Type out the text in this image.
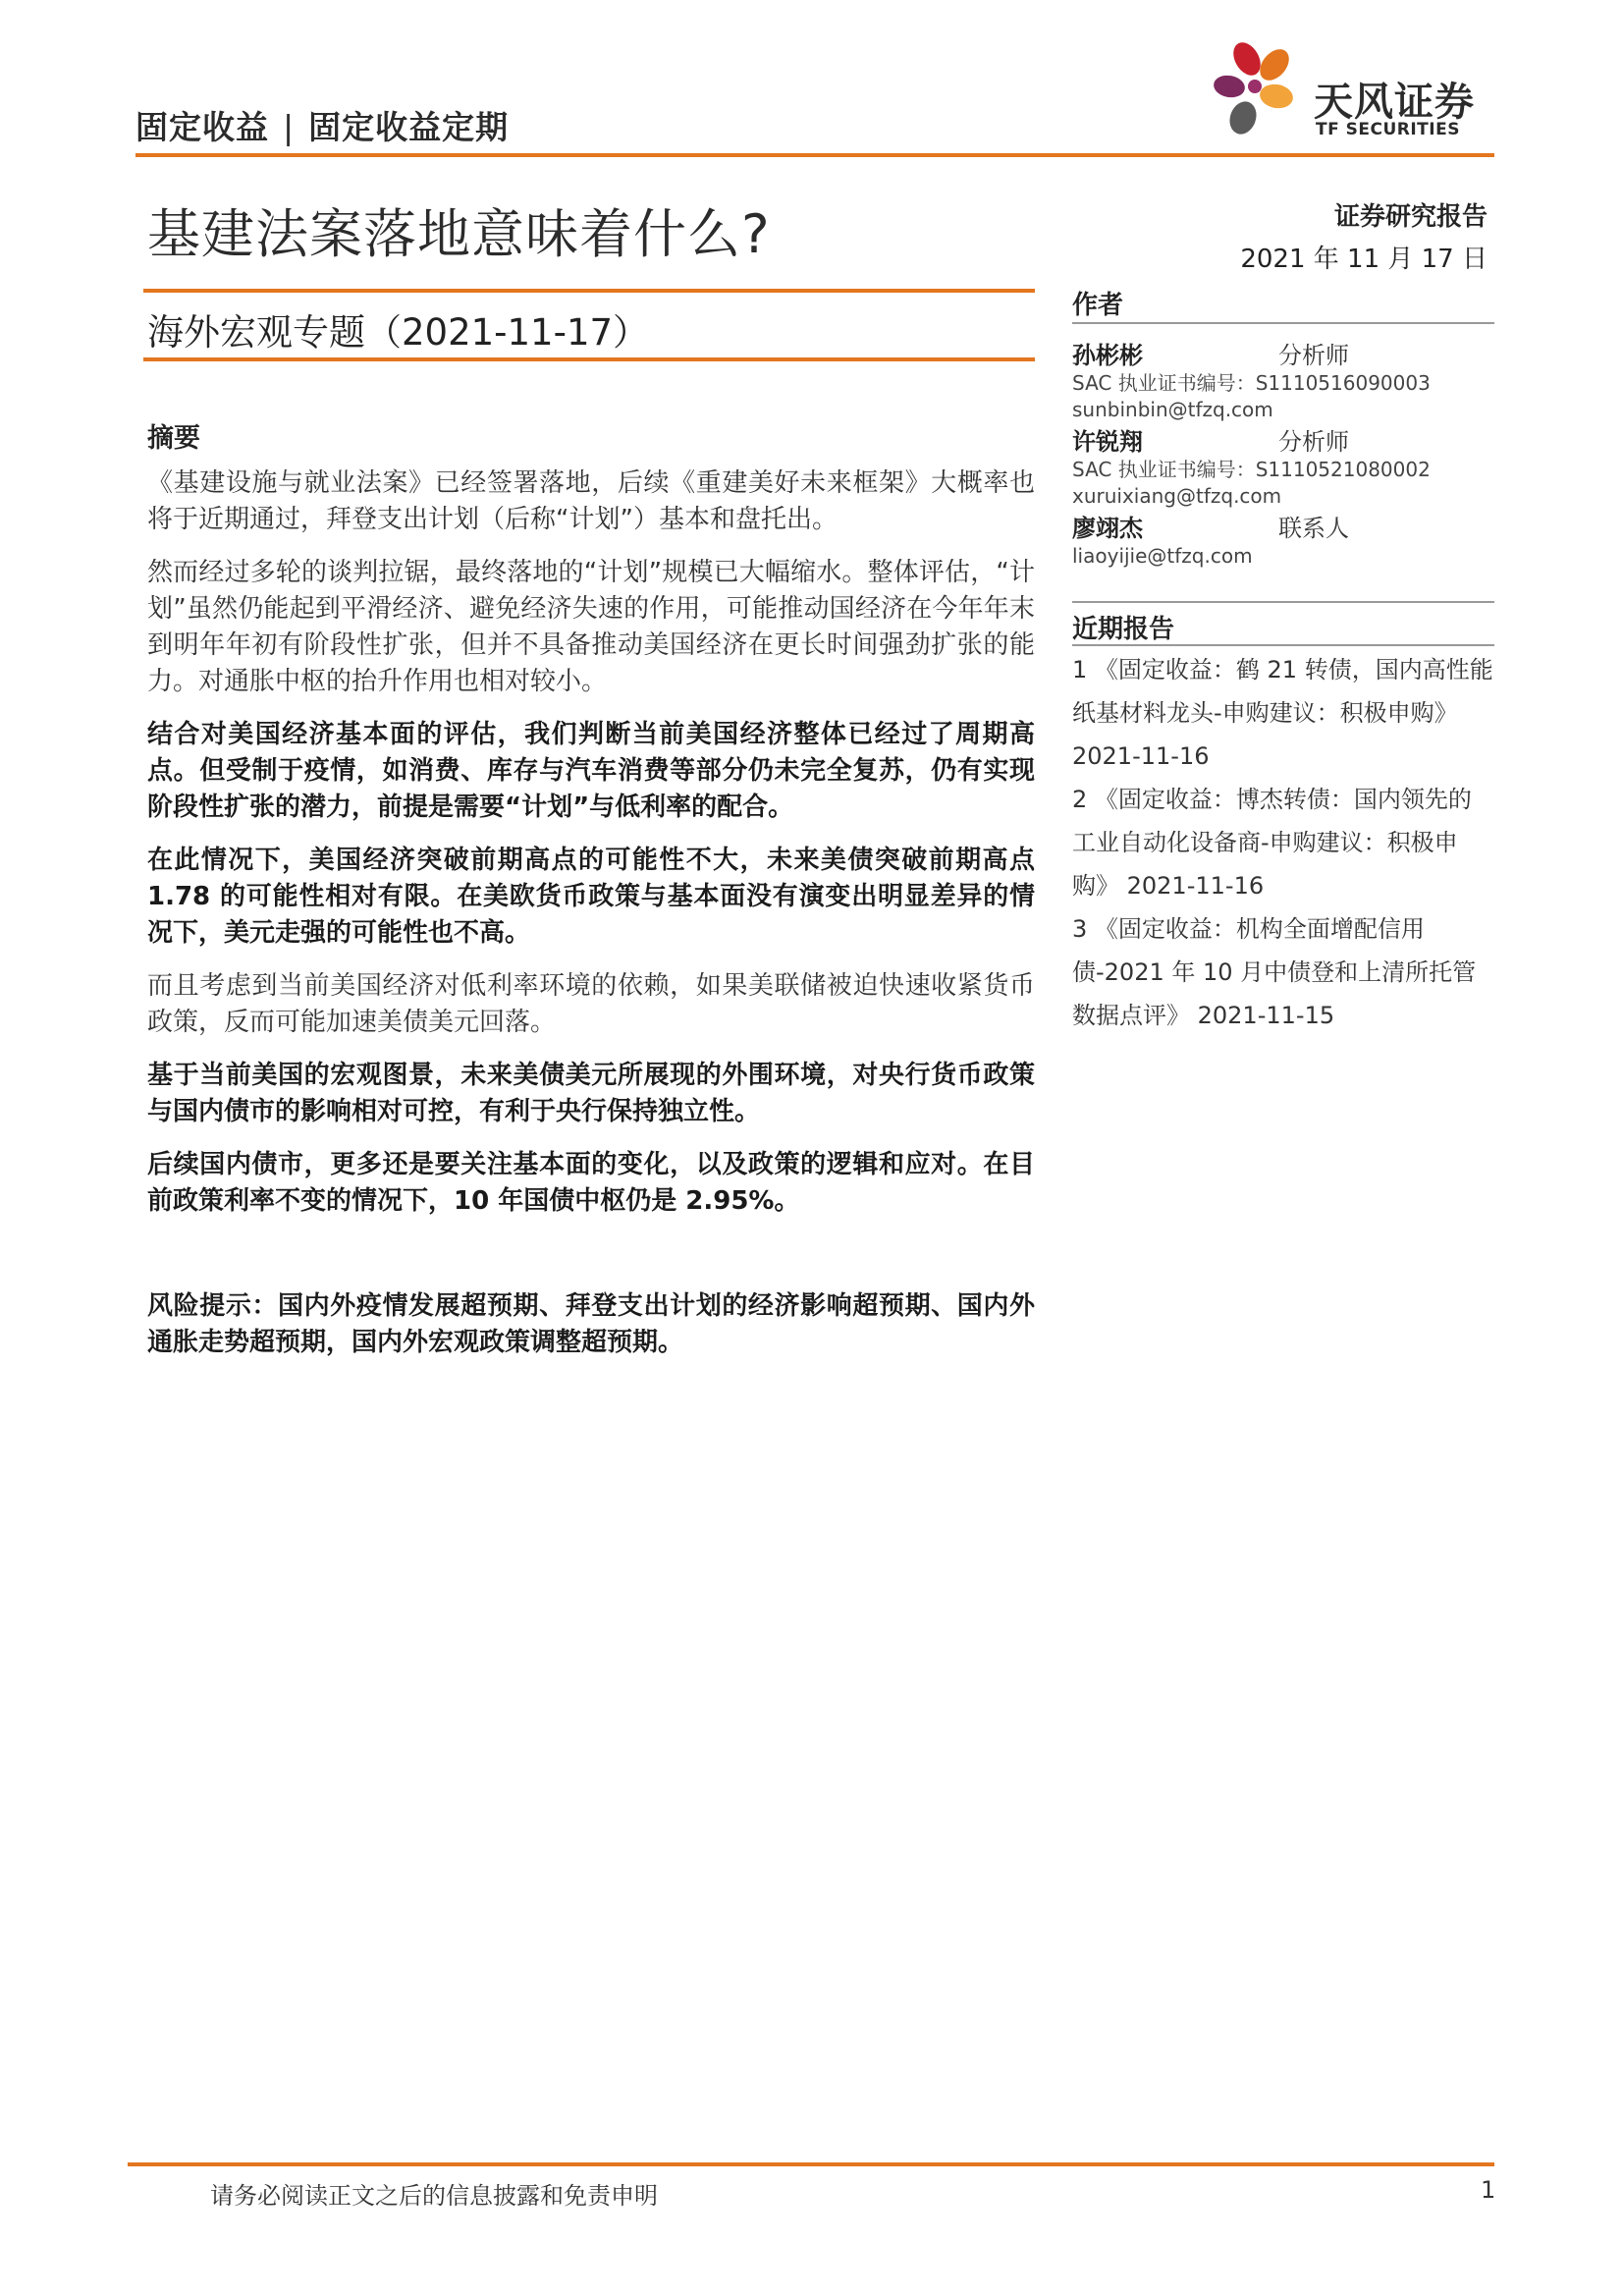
固定收益 | 固定收益定期
天风证券
TF SECURITIES
基建法案落地意味着什么?
海外宏观专题（2021-11-17）
证券研究报告
2021 年 11 月 17 日
摘要

《基建设施与就业法案》已经签署落地，后续《重建美好未来框架》大概率也将于近期通过，拜登支出计划（后称“计划”）基本和盘托出。

然而经过多轮的谈判拉锯，最终落地的“计划”规模已大幅缩水。整体评估，“计划”虽然仍能起到平滑经济、避免经济失速的作用，可能推动国经济在今年年末到明年年初有阶段性扩张，但并不具备推动美国经济在更长时间强劲扩张的能力。对通胀中枢的抬升作用也相对较小。

结合对美国经济基本面的评估，我们判断当前美国经济整体已经过了周期高点。但受制于疫情，如消费、库存与汽车消费等部分仍未完全复苏，仍有实现阶段性扩张的潜力，前提是需要“计划”与低利率的配合。

在此情况下，美国经济突破前期高点的可能性不大，未来美债突破前期高点 1.78 的可能性相对有限。在美欧货币政策与基本面没有演变出明显差异的情况下，美元走强的可能性也不高。

而且考虑到当前美国经济对低利率环境的依赖，如果美联储被迫快速收紧货币政策，反而可能加速美债美元回落。

基于当前美国的宏观图景，未来美债美元所展现的外围环境，对央行货币政策与国内债市的影响相对可控，有利于央行保持独立性。

后续国内债市，更多还是要关注基本面的变化，以及政策的逻辑和应对。在目前政策利率不变的情况下，10 年国债中枢仍是 2.95%。

风险提示：国内外疫情发展超预期、拜登支出计划的经济影响超预期、国内外通胀走势超预期，国内外宏观政策调整超预期。

作者
孙彬彬	分析师
SAC 执业证书编号：S1110516090003
sunbinbin@tfzq.com
许锐翔	分析师
SAC 执业证书编号：S1110521080002
xuruixiang@tfzq.com
廖翊杰	联系人
liaoyijie@tfzq.com
近期报告
1 《固定收益：鹤 21 转债，国内高性能纸基材料龙头-申购建议：积极申购》 2021-11-16
2 《固定收益：博杰转债：国内领先的工业自动化设备商-申购建议：积极申购》 2021-11-16
3 《固定收益：机构全面增配信用债-2021 年 10 月中债登和上清所托管数据点评》 2021-11-15
请务必阅读正文之后的信息披露和免责申明	1
